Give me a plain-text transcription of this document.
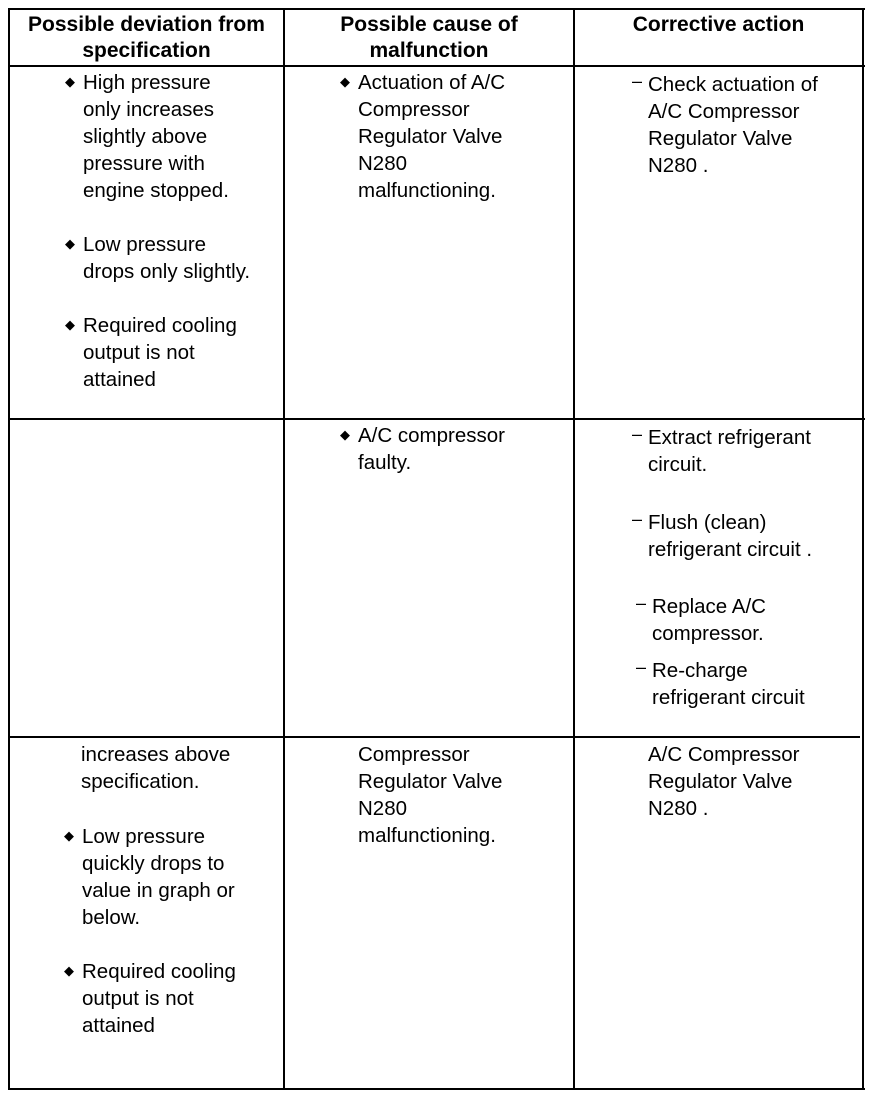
Possible deviation from
specification
Possible cause of
malfunction
Corrective action
◆ High pressure
only increases
slightly above
pressure with
engine stopped.
◆ Low pressure
drops only slightly.
◆ Required cooling
output is not
attained
◆ Actuation of A/C
Compressor
Regulator Valve
N280
malfunctioning.
– Check actuation of
A/C Compressor
Regulator Valve
N280 .
◆ A/C compressor
faulty.
– Extract refrigerant
circuit.
– Flush (clean)
refrigerant circuit .
– Replace A/C
compressor.
– Re-charge
refrigerant circuit
increases above
specification.
◆ Low pressure
quickly drops to
value in graph or
below.
◆ Required cooling
output is not
attained
Compressor
Regulator Valve
N280
malfunctioning.
A/C Compressor
Regulator Valve
N280 .
